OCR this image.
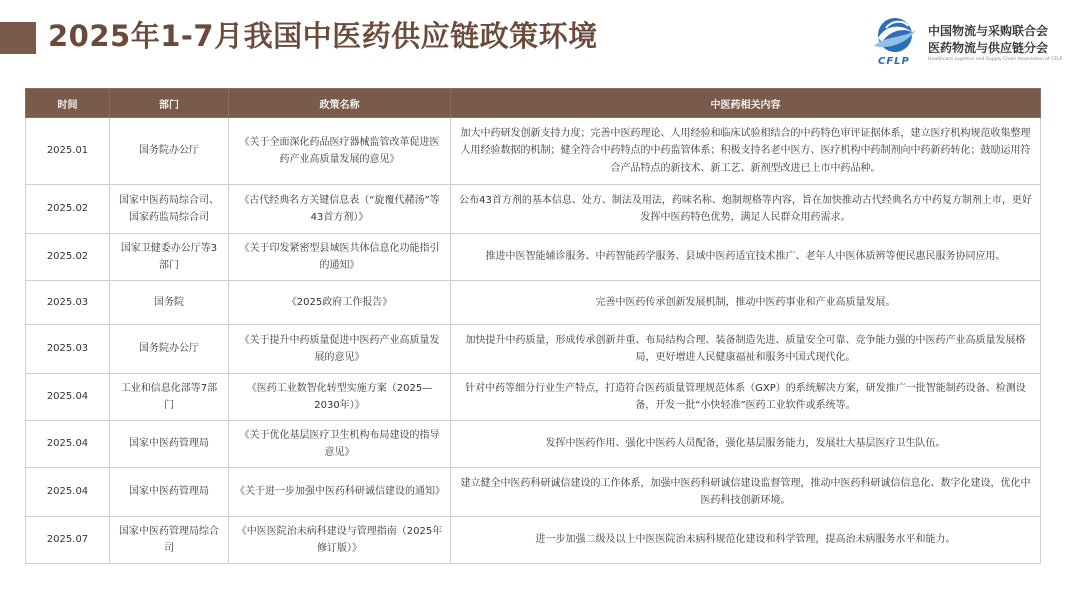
2025年1-7月我国中医药供应链政策环境
CFLP
中国物流与采购联合会
医药物流与供应链分会
Healthcare Logistics and Supply Chain Association of CFLP
时间	部门	政策名称	中医药相关内容
2025.01	国务院办公厅	《关于全面深化药品医疗器械监管改革促进医药产业高质量发展的意见》	加大中药研发创新支持力度；完善中医药理论、人用经验和临床试验相结合的中药特色审评证据体系，建立医疗机构规范收集整理人用经验数据的机制；健全符合中药特点的中药监管体系；积极支持名老中医方、医疗机构中药制剂向中药新药转化；鼓励运用符合产品特点的新技术、新工艺、新剂型改进已上市中药品种。
2025.02	国家中医药局综合司、国家药监局综合司	《古代经典名方关键信息表（“旋覆代赭汤”等43首方剂）》	公布43首方剂的基本信息、处方、制法及用法，药味名称、炮制规格等内容，旨在加快推动古代经典名方中药复方制剂上市，更好发挥中医药特色优势，满足人民群众用药需求。
2025.02	国家卫健委办公厅等3部门	《关于印发紧密型县域医共体信息化功能指引的通知》	推进中医智能辅诊服务、中药智能药学服务、县域中医药适宜技术推广、老年人中医体质辨等便民惠民服务协同应用。
2025.03	国务院	《2025政府工作报告》	完善中医药传承创新发展机制，推动中医药事业和产业高质量发展。
2025.03	国务院办公厅	《关于提升中药质量促进中医药产业高质量发展的意见》	加快提升中药质量，形成传承创新并重、布局结构合理、装备制造先进、质量安全可靠、竞争能力强的中医药产业高质量发展格局，更好增进人民健康福祉和服务中国式现代化。
2025.04	工业和信息化部等7部门	《医药工业数智化转型实施方案（2025—2030年）》	针对中药等细分行业生产特点，打造符合医药质量管理规范体系（GXP）的系统解决方案，研发推广一批智能制药设备、检测设备，开发一批“小快轻准”医药工业软件或系统等。
2025.04	国家中医药管理局	《关于优化基层医疗卫生机构布局建设的指导意见》	发挥中医药作用、强化中医药人员配备，强化基层服务能力，发展壮大基层医疗卫生队伍。
2025.04	国家中医药管理局	《关于进一步加强中医药科研诚信建设的通知》	建立健全中医药科研诚信建设的工作体系，加强中医药科研诚信建设监督管理，推动中医药科研诚信信息化、数字化建设，优化中医药科技创新环境。
2025.07	国家中医药管理局综合司	《中医医院治未病科建设与管理指南（2025年修订版）》	进一步加强二级及以上中医医院治未病科规范化建设和科学管理，提高治未病服务水平和能力。
